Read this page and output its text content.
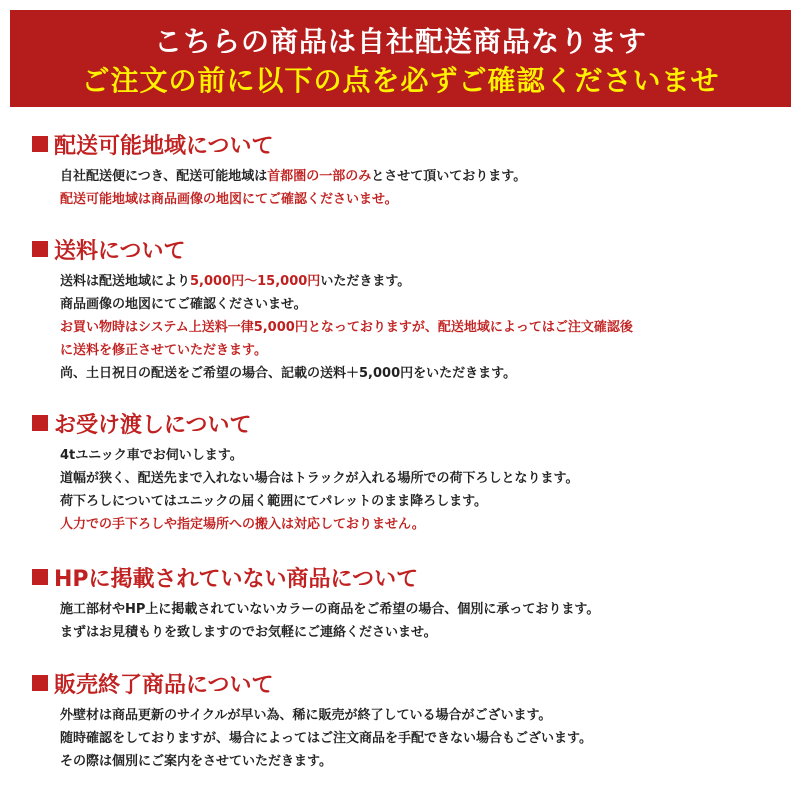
こちらの商品は自社配送商品なります
ご注文の前に以下の点を必ずご確認くださいませ
配送可能地域について
自社配送便につき、配送可能地域は首都圏の一部のみとさせて頂いております。
配送可能地域は商品画像の地図にてご確認くださいませ。
送料について
送料は配送地域により5,000円〜15,000円いただきます。
商品画像の地図にてご確認くださいませ。
お買い物時はシステム上送料一律5,000円となっておりますが、配送地域によってはご注文確認後
に送料を修正させていただきます。
尚、土日祝日の配送をご希望の場合、記載の送料＋5,000円をいただきます。
お受け渡しについて
4tユニック車でお伺いします。
道幅が狭く、配送先まで入れない場合はトラックが入れる場所での荷下ろしとなります。
荷下ろしについてはユニックの届く範囲にてパレットのまま降ろします。
人力での手下ろしや指定場所への搬入は対応しておりません。
HPに掲載されていない商品について
施工部材やHP上に掲載されていないカラーの商品をご希望の場合、個別に承っております。
まずはお見積もりを致しますのでお気軽にご連絡くださいませ。
販売終了商品について
外壁材は商品更新のサイクルが早い為、稀に販売が終了している場合がございます。
随時確認をしておりますが、場合によってはご注文商品を手配できない場合もございます。
その際は個別にご案内をさせていただきます。
